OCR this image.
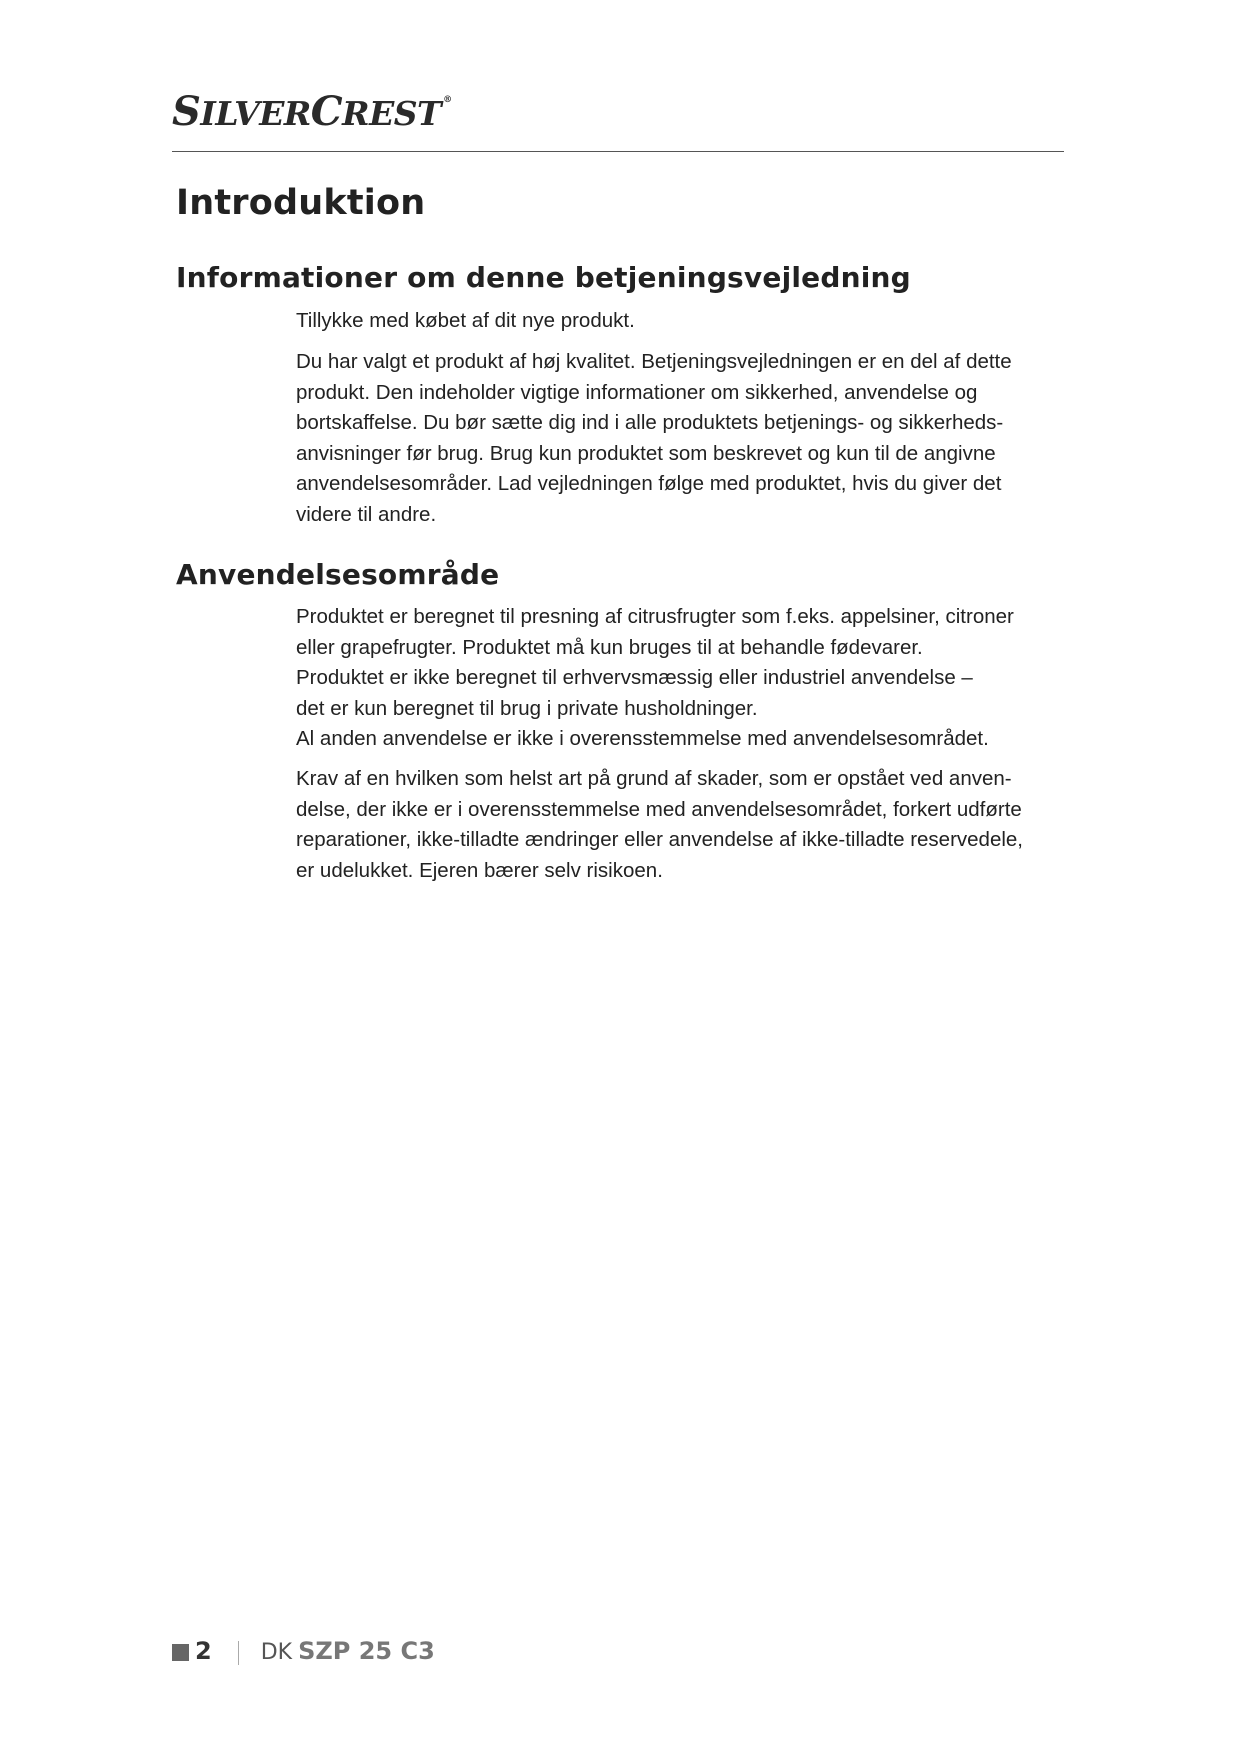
SILVERCREST ®
Introduktion
Informationer om denne betjeningsvejledning

Tillykke med købet af dit nye produkt.

Du har valgt et produkt af høj kvalitet. Betjeningsvejledningen er en del af dette
produkt. Den indeholder vigtige informationer om sikkerhed, anvendelse og
bortskaffelse. Du bør sætte dig ind i alle produktets betjenings- og sikkerheds-
anvisninger før brug. Brug kun produktet som beskrevet og kun til de angivne
anvendelsesområder. Lad vejledningen følge med produktet, hvis du giver det
videre til andre.

Anvendelsesområde

Produktet er beregnet til presning af citrusfrugter som f.eks. appelsiner, citroner
eller grapefrugter. Produktet må kun bruges til at behandle fødevarer.
Produktet er ikke beregnet til erhvervsmæssig eller industriel anvendelse –
det er kun beregnet til brug i private husholdninger.
Al anden anvendelse er ikke i overensstemmelse med anvendelsesområdet.

Krav af en hvilken som helst art på grund af skader, som er opstået ved anven-
delse, der ikke er i overensstemmelse med anvendelsesområdet, forkert udførte
reparationer, ikke-tilladte ændringer eller anvendelse af ikke-tilladte reservedele,
er udelukket. Ejeren bærer selv risikoen.

2 DK SZP 25 C3
